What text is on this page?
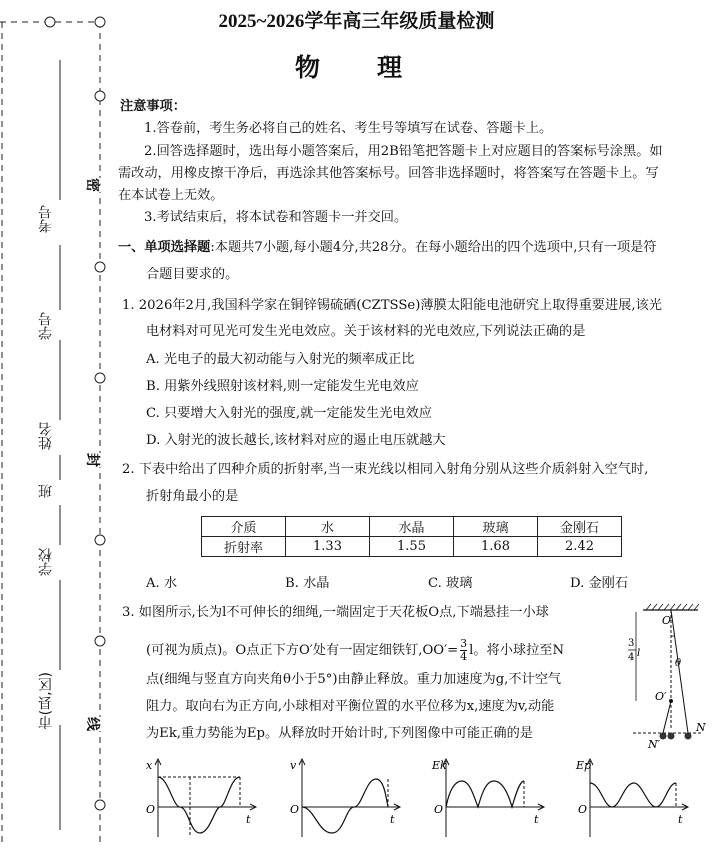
考号
学号
姓名
班
学校
市(县,区)
密
封
线
2025~2026学年高三年级质量检测
物　理
注意事项：
1.答卷前，考生务必将自己的姓名、考生号等填写在试卷、答题卡上。
2.回答选择题时，选出每小题答案后，用2B铅笔把答题卡上对应题目的答案标号涂黑。如
需改动，用橡皮擦干净后，再选涂其他答案标号。回答非选择题时，将答案写在答题卡上。写
在本试卷上无效。
3.考试结束后，将本试卷和答题卡一并交回。
一、单项选择题:本题共7小题,每小题4分,共28分。在每小题给出的四个选项中,只有一项是符
合题目要求的。
1. 2026年2月,我国科学家在铜锌锡硫硒(CZTSSe)薄膜太阳能电池研究上取得重要进展,该光
电材料对可见光可发生光电效应。关于该材料的光电效应,下列说法正确的是
A. 光电子的最大初动能与入射光的频率成正比
B. 用紫外线照射该材料,则一定能发生光电效应
C. 只要增大入射光的强度,就一定能发生光电效应
D. 入射光的波长越长,该材料对应的遏止电压就越大
2. 下表中给出了四种介质的折射率,当一束光线以相同入射角分别从这些介质斜射入空气时,
折射角最小的是
介质	水	水晶	玻璃	金刚石
折射率	1.33	1.55	1.68	2.42
A. 水	B. 水晶	C. 玻璃	D. 金刚石
3. 如图所示,长为l不可伸长的细绳,一端固定于天花板O点,下端悬挂一小球
(可视为质点)。O点正下方O′处有一固定细铁钉$,OO'= \frac{3}{4}$ l。将小球拉至N
点(细绳与竖直方向夹角θ小于5°)由静止释放。重力加速度为g,不计空气
阻力。取向右为正方向,小球相对平衡位置的水平位移为x,速度为v,动能
为Ek,重力势能为Ep。从释放时开始计时,下列图像中可能正确的是
O
θ
O′
N
N′
3
4 l
x
O
t
v
O
t
Ek
O
t
Ep
O
t
